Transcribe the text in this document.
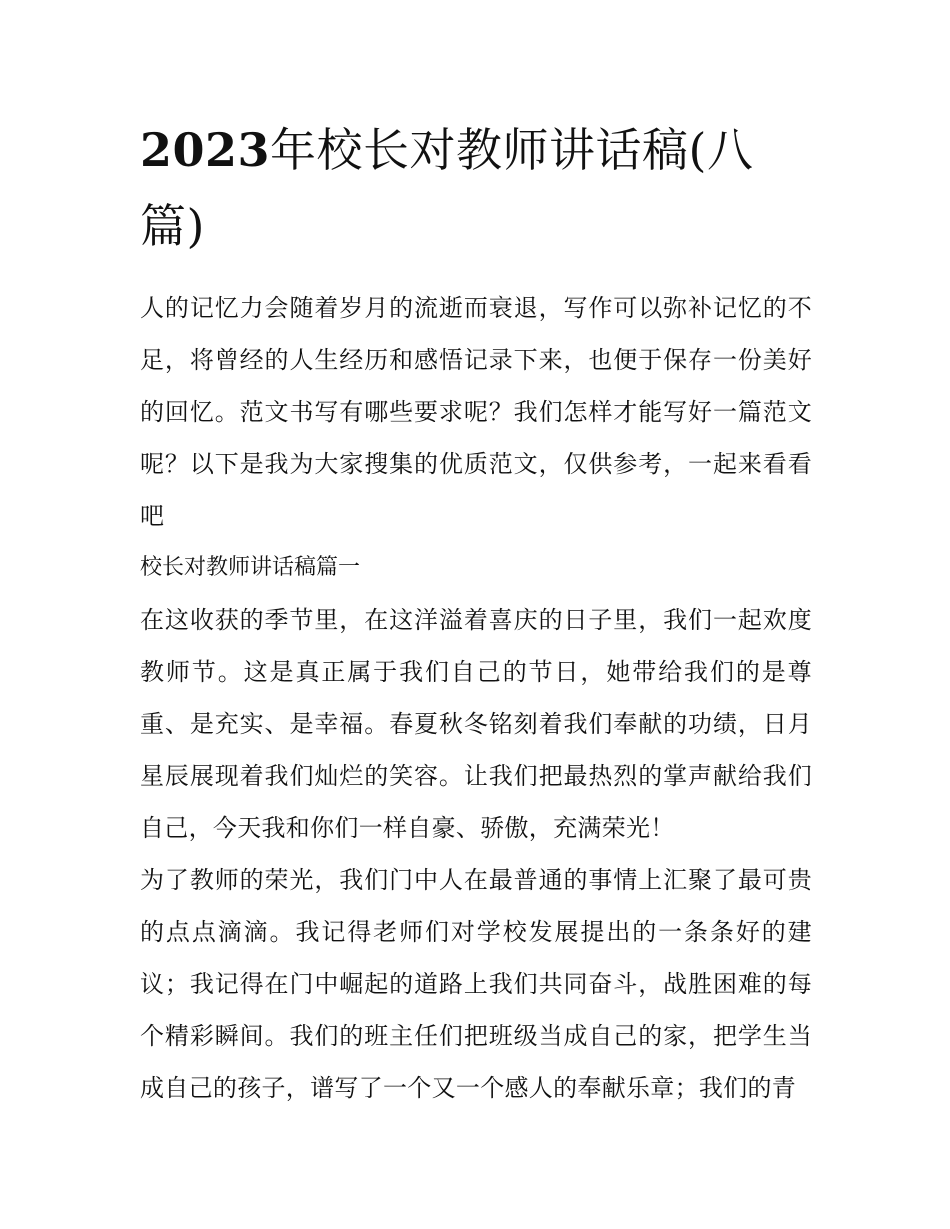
2023年校长对教师讲话稿(八篇)

人的记忆力会随着岁月的流逝而衰退，写作可以弥补记忆的不足，将曾经的人生经历和感悟记录下来，也便于保存一份美好的回忆。范文书写有哪些要求呢？我们怎样才能写好一篇范文呢？以下是我为大家搜集的优质范文，仅供参考，一起来看看吧

校长对教师讲话稿篇一

在这收获的季节里，在这洋溢着喜庆的日子里，我们一起欢度教师节。这是真正属于我们自己的节日，她带给我们的是尊重、是充实、是幸福。春夏秋冬铭刻着我们奉献的功绩，日月星辰展现着我们灿烂的笑容。让我们把最热烈的掌声献给我们自己，今天我和你们一样自豪、骄傲，充满荣光！

为了教师的荣光，我们门中人在最普通的事情上汇聚了最可贵的点点滴滴。我记得老师们对学校发展提出的一条条好的建议；我记得在门中崛起的道路上我们共同奋斗，战胜困难的每个精彩瞬间。我们的班主任们把班级当成自己的家，把学生当成自己的孩子，谱写了一个又一个感人的奉献乐章；我们的青
